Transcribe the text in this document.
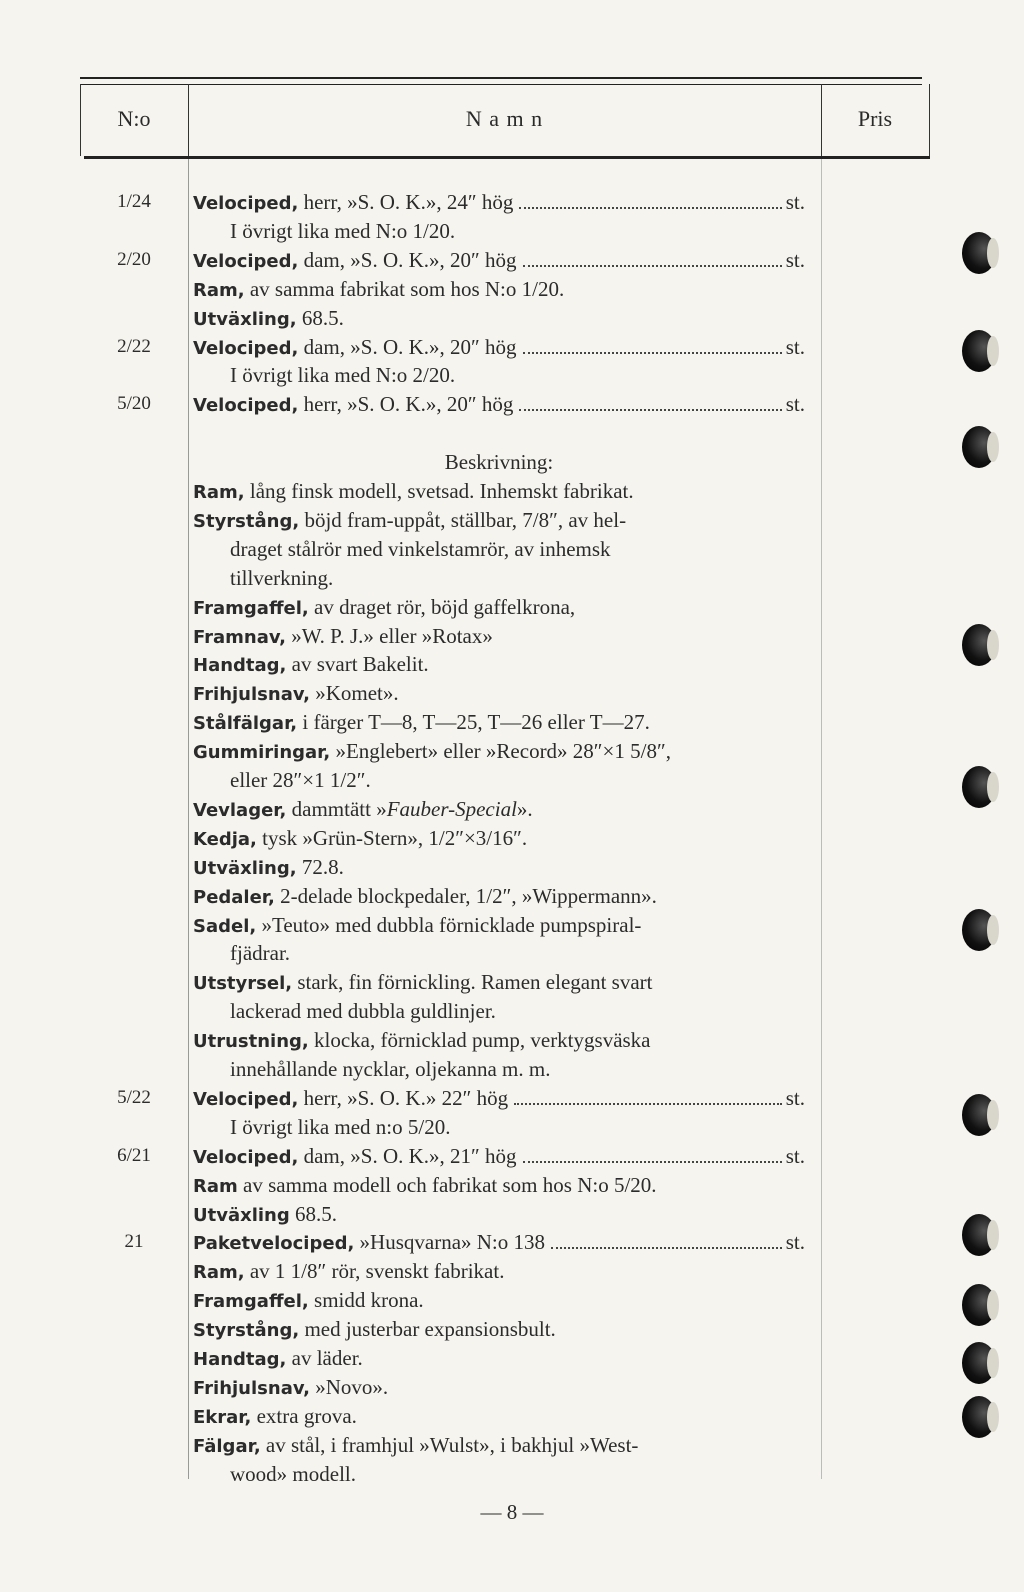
N:o	N a m n	Pris
1/24	Velociped, herr, »S. O. K.», 24″ hög	st.
I övrigt lika med N:o 1/20.
2/20	Velociped, dam, »S. O. K.», 20″ hög	st.
Ram, av samma fabrikat som hos N:o 1/20.
Utväxling, 68.5.
2/22	Velociped, dam, »S. O. K.», 20″ hög	st.
I övrigt lika med N:o 2/20.
5/20	Velociped, herr, »S. O. K.», 20″ hög	st.
Beskrivning:
Ram, lång finsk modell, svetsad. Inhemskt fabrikat.
Styrstång, böjd fram-uppåt, ställbar, 7/8″, av hel-
draget stålrör med vinkelstamrör, av inhemsk
tillverkning.
Framgaffel, av draget rör, böjd gaffelkrona,
Framnav, »W. P. J.» eller »Rotax»
Handtag, av svart Bakelit.
Frihjulsnav, »Komet».
Stålfälgar, i färger T—8, T—25, T—26 eller T—27.
Gummiringar, »Englebert» eller »Record» 28″×1 5/8″,
eller 28″×1 1/2″.
Vevlager, dammtätt »Fauber-Special».
Kedja, tysk »Grün-Stern», 1/2″×3/16″.
Utväxling, 72.8.
Pedaler, 2-delade blockpedaler, 1/2″, »Wippermann».
Sadel, »Teuto» med dubbla förnicklade pumpspiral-
fjädrar.
Utstyrsel, stark, fin förnickling. Ramen elegant svart
lackerad med dubbla guldlinjer.
Utrustning, klocka, förnicklad pump, verktygsväska
innehållande nycklar, oljekanna m. m.
5/22	Velociped, herr, »S. O. K.» 22″ hög	st.
I övrigt lika med n:o 5/20.
6/21	Velociped, dam, »S. O. K.», 21″ hög	st.
Ram av samma modell och fabrikat som hos N:o 5/20.
Utväxling 68.5.
21	Paketvelociped, »Husqvarna» N:o 138	st.
Ram, av 1 1/8″ rör, svenskt fabrikat.
Framgaffel, smidd krona.
Styrstång, med justerbar expansionsbult.
Handtag, av läder.
Frihjulsnav, »Novo».
Ekrar, extra grova.
Fälgar, av stål, i framhjul »Wulst», i bakhjul »West-
wood» modell.
— 8 —
